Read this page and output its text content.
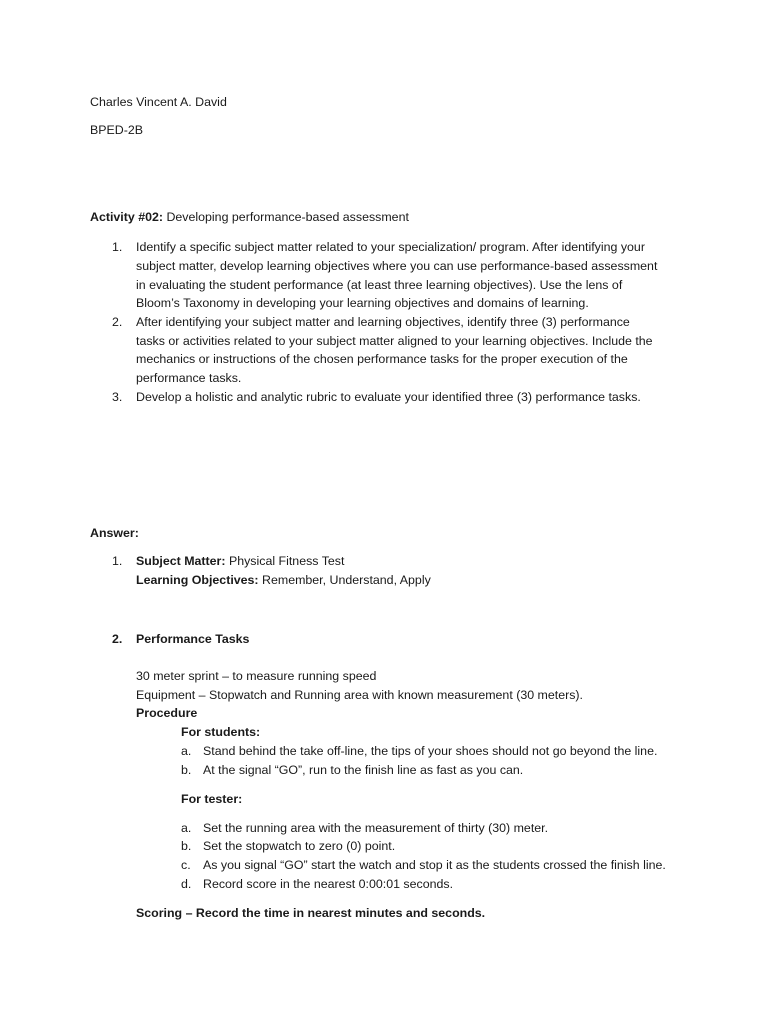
Charles Vincent A. David
BPED-2B
Activity #02: Developing performance-based assessment
1. Identify a specific subject matter related to your specialization/ program. After identifying your
subject matter, develop learning objectives where you can use performance-based assessment
in evaluating the student performance (at least three learning objectives). Use the lens of
Bloom’s Taxonomy in developing your learning objectives and domains of learning.
2. After identifying your subject matter and learning objectives, identify three (3) performance
tasks or activities related to your subject matter aligned to your learning objectives. Include the
mechanics or instructions of the chosen performance tasks for the proper execution of the
performance tasks.
3. Develop a holistic and analytic rubric to evaluate your identified three (3) performance tasks.
Answer:
1. Subject Matter: Physical Fitness Test
Learning Objectives: Remember, Understand, Apply
2. Performance Tasks
30 meter sprint – to measure running speed
Equipment – Stopwatch and Running area with known measurement (30 meters).
Procedure
For students:
a. Stand behind the take off-line, the tips of your shoes should not go beyond the line.
b. At the signal “GO”, run to the finish line as fast as you can.
For tester:
a. Set the running area with the measurement of thirty (30) meter.
b. Set the stopwatch to zero (0) point.
c. As you signal “GO” start the watch and stop it as the students crossed the finish line.
d. Record score in the nearest 0:00:01 seconds.
Scoring – Record the time in nearest minutes and seconds.
